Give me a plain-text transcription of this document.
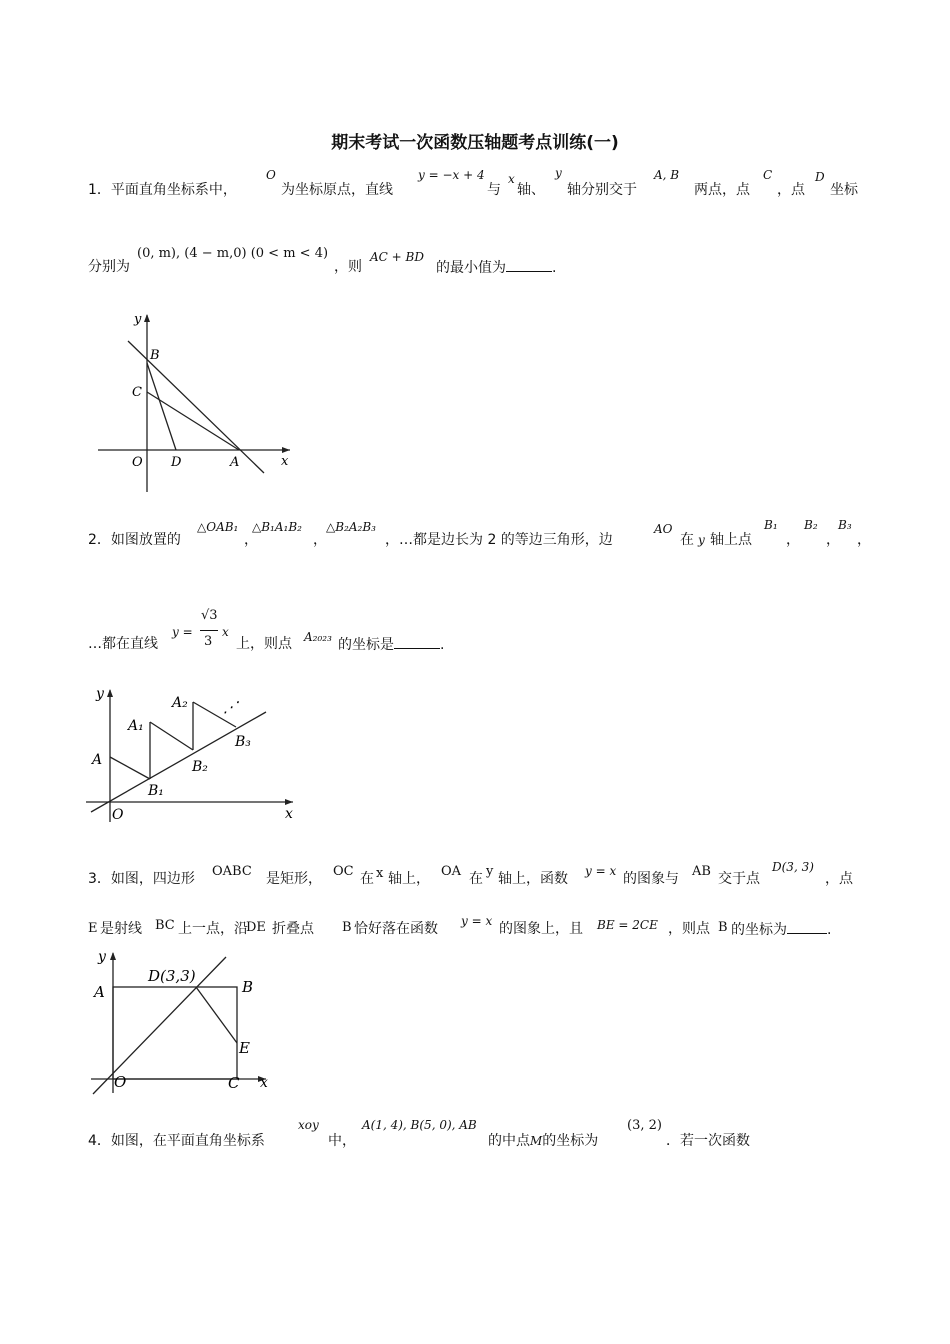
期末考试一次函数压轴题考点训练(一)
1．平面直角坐标系中，
O
为坐标原点，直线
y = −x + 4
与
x
轴、
y
轴分别交于
A, B
两点，点
C
，点
D
坐标
分别为
(0, m), (4 − m,0) (0 < m < 4)
，则
AC + BD
的最小值为	.
y
x
B
C
O D	A
2．如图放置的
△OAB₁
，
△B₁A₁B₂
，
△B₂A₂B₃
，…都是边长为 2 的等边三角形，边
AO
在 y 轴上点
B₁
，
B₂
，
B₃
，
…都在直线
y =
√3
3
x
上，则点 A₂₀₂₃ 的坐标是	.
y
x
A
A₁
A₂
B₁
B₂
B₃
O
⋰
3．如图，四边形 OABC 是矩形， OC 在 x 轴上， OA 在 y 轴上，函数 y = x 的图象与 AB 交于点
D(3, 3)
，点
E 是射线 BC 上一点，沿
DE 折叠点 B 恰好落在函数 y = x 的图象上，且 BE = 2CE ，则点 B 的坐标为	.
y
x
A
D(3,3)
B
E
O	C
4．如图，在平面直角坐标系
xoy
中，
A(1, 4), B(5, 0), AB
的中点M的坐标为
(3, 2)
．若一次函数
